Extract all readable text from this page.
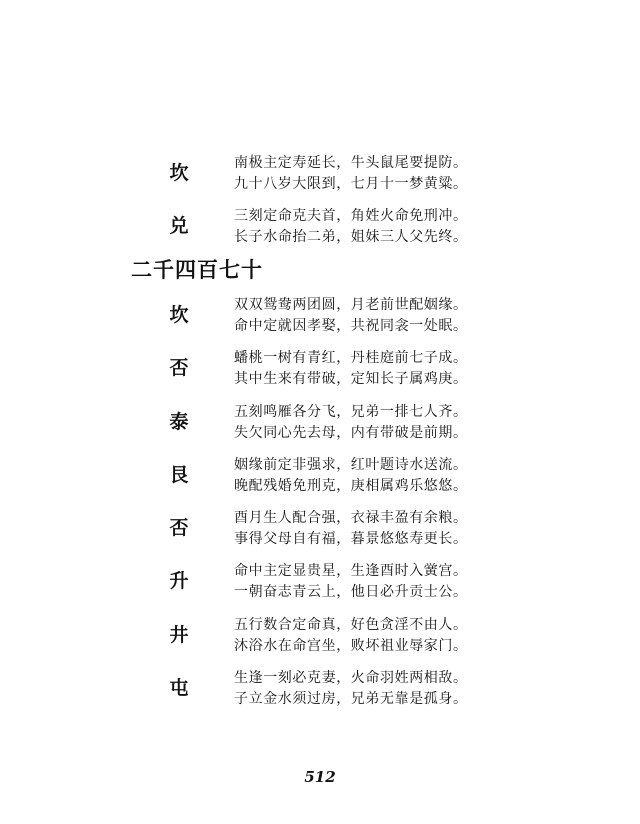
坎	南极主定寿延长，牛头鼠尾要提防。
九十八岁大限到，七月十一梦黄粱。
兑	三刻定命克夫首，角姓火命免刑冲。
长子水命抬二弟，姐妹三人父先终。
二千四百七十
坎	双双鸳鸯两团圆，月老前世配姻缘。
命中定就因孝娶，共祝同衾一处眠。
否	蟠桃一树有青红，丹桂庭前七子成。
其中生来有带破，定知长子属鸡庚。
泰	五刻鸣雁各分飞，兄弟一排七人齐。
失欠同心先去母，内有带破是前期。
艮	姻缘前定非强求，红叶题诗水送流。
晚配残婚免刑克，庚相属鸡乐悠悠。
否	酉月生人配合强，衣禄丰盈有余粮。
事得父母自有福，暮景悠悠寿更长。
升	命中主定显贵星，生逢酉时入黉宫。
一朝奋志青云上，他日必升贡士公。
井	五行数合定命真，好色贪淫不由人。
沐浴水在命宫坐，败坏祖业辱家门。
屯	生逢一刻必克妻，火命羽姓两相敌。
子立金水须过房，兄弟无靠是孤身。
512
